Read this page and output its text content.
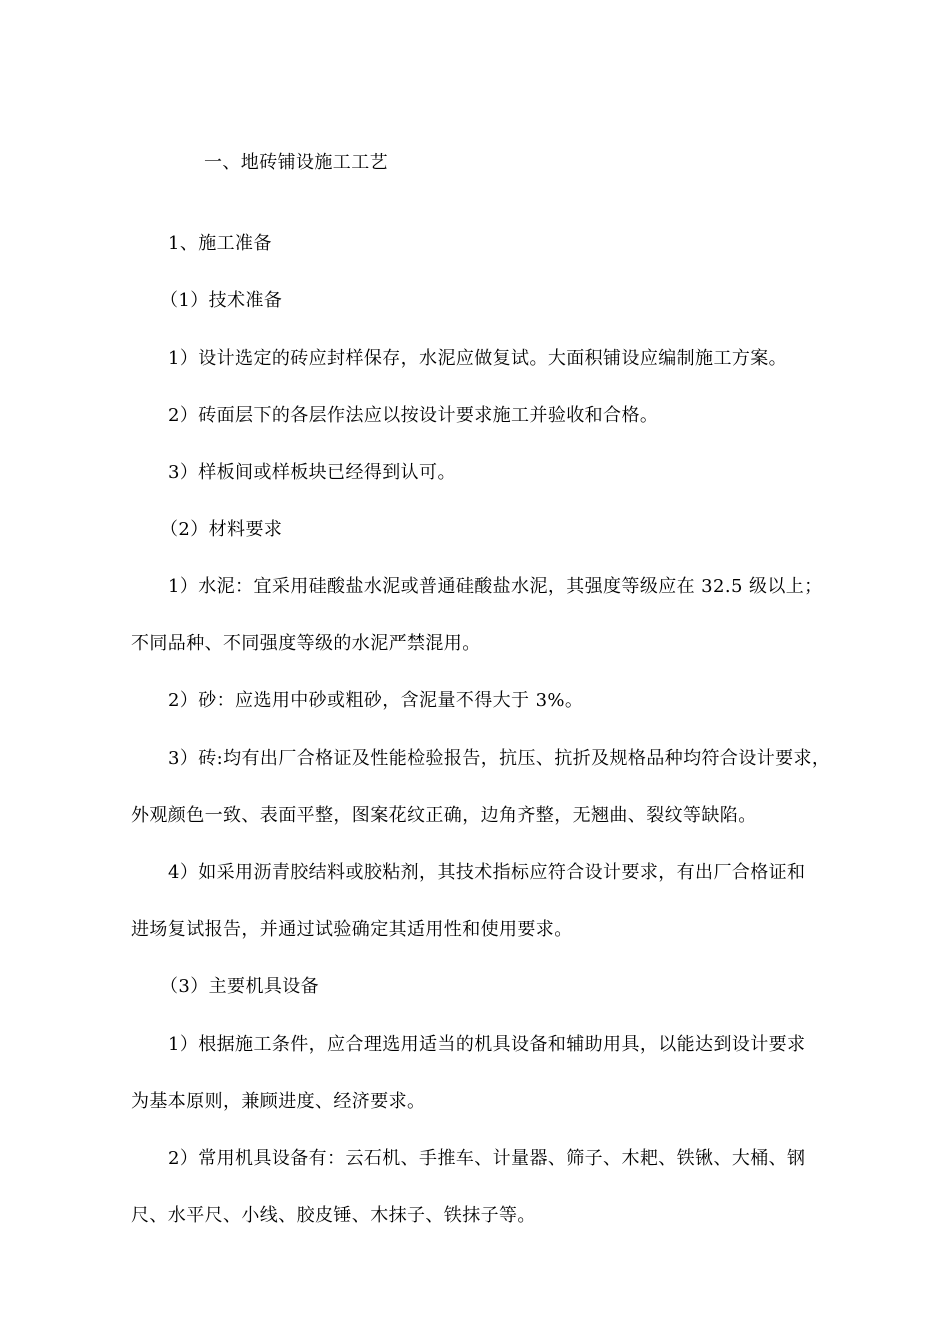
一、地砖铺设施工工艺
1、施工准备
（1）技术准备
1）设计选定的砖应封样保存，水泥应做复试。大面积铺设应编制施工方案。
2）砖面层下的各层作法应以按设计要求施工并验收和合格。
3）样板间或样板块已经得到认可。
（2）材料要求
1）水泥：宜采用硅酸盐水泥或普通硅酸盐水泥，其强度等级应在 32.5 级以上；
不同品种、不同强度等级的水泥严禁混用。
2）砂：应选用中砂或粗砂，含泥量不得大于 3%。
3）砖:均有出厂合格证及性能检验报告，抗压、抗折及规格品种均符合设计要求，
外观颜色一致、表面平整，图案花纹正确，边角齐整，无翘曲、裂纹等缺陷。
4）如采用沥青胶结料或胶粘剂，其技术指标应符合设计要求，有出厂合格证和
进场复试报告，并通过试验确定其适用性和使用要求。
（3）主要机具设备
1）根据施工条件，应合理选用适当的机具设备和辅助用具，以能达到设计要求
为基本原则，兼顾进度、经济要求。
2）常用机具设备有：云石机、手推车、计量器、筛子、木耙、铁锹、大桶、钢
尺、水平尺、小线、胶皮锤、木抹子、铁抹子等。
